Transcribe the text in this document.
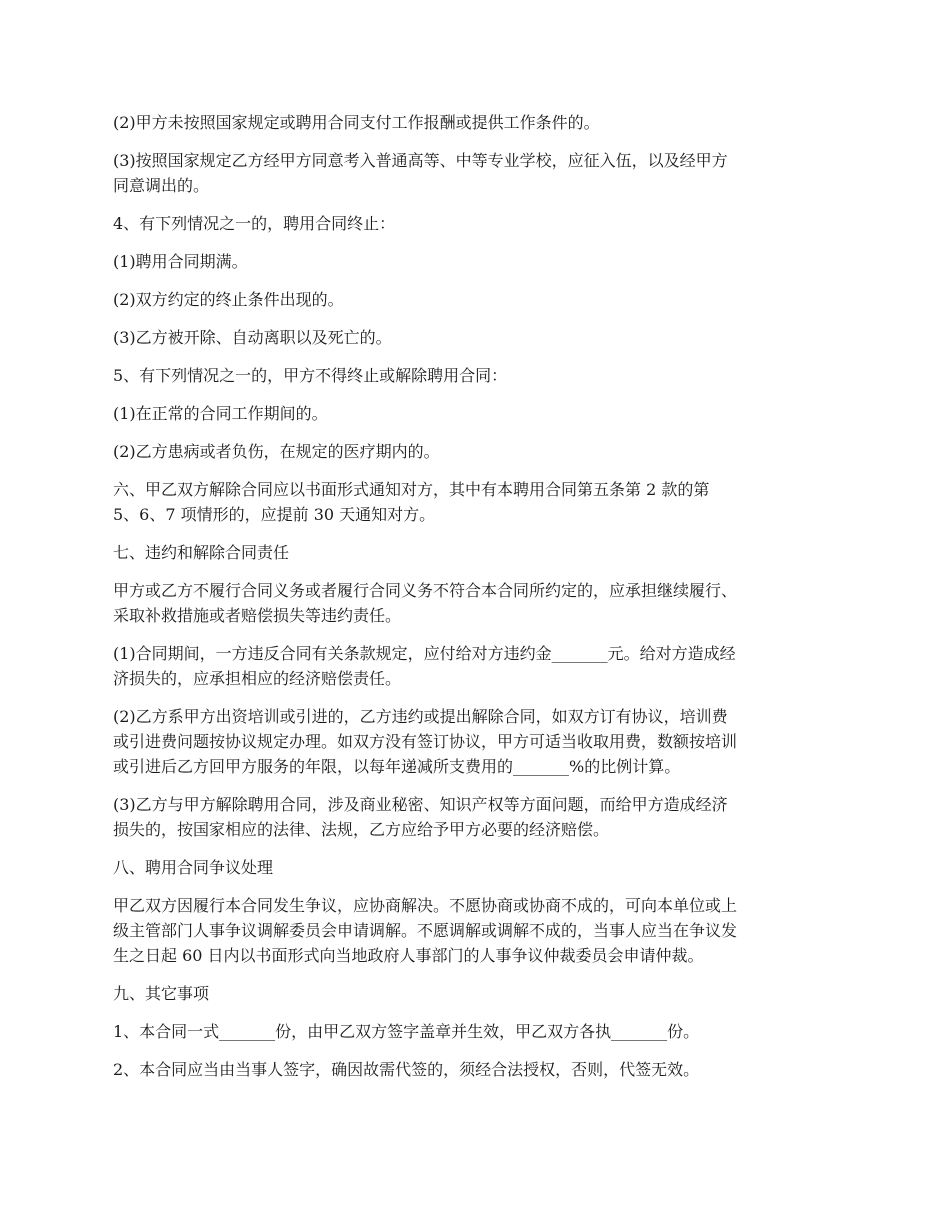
(2)甲方未按照国家规定或聘用合同支付工作报酬或提供工作条件的。

(3)按照国家规定乙方经甲方同意考入普通高等、中等专业学校，应征入伍，以及经甲方
同意调出的。

4、有下列情况之一的，聘用合同终止：

(1)聘用合同期满。

(2)双方约定的终止条件出现的。

(3)乙方被开除、自动离职以及死亡的。

5、有下列情况之一的，甲方不得终止或解除聘用合同：

(1)在正常的合同工作期间的。

(2)乙方患病或者负伤，在规定的医疗期内的。

六、甲乙双方解除合同应以书面形式通知对方，其中有本聘用合同第五条第 2 款的第
5、6、7 项情形的，应提前 30 天通知对方。

七、违约和解除合同责任

甲方或乙方不履行合同义务或者履行合同义务不符合本合同所约定的，应承担继续履行、
采取补救措施或者赔偿损失等违约责任。

(1)合同期间，一方违反合同有关条款规定，应付给对方违约金_______元。给对方造成经
济损失的，应承担相应的经济赔偿责任。

(2)乙方系甲方出资培训或引进的，乙方违约或提出解除合同，如双方订有协议，培训费
或引进费问题按协议规定办理。如双方没有签订协议，甲方可适当收取用费，数额按培训
或引进后乙方回甲方服务的年限，以每年递减所支费用的_______%的比例计算。

(3)乙方与甲方解除聘用合同，涉及商业秘密、知识产权等方面问题，而给甲方造成经济
损失的，按国家相应的法律、法规，乙方应给予甲方必要的经济赔偿。

八、聘用合同争议处理

甲乙双方因履行本合同发生争议，应协商解决。不愿协商或协商不成的，可向本单位或上
级主管部门人事争议调解委员会申请调解。不愿调解或调解不成的，当事人应当在争议发
生之日起 60 日内以书面形式向当地政府人事部门的人事争议仲裁委员会申请仲裁。

九、其它事项

1、本合同一式_______份，由甲乙双方签字盖章并生效，甲乙双方各执_______份。

2、本合同应当由当事人签字，确因故需代签的，须经合法授权，否则，代签无效。
